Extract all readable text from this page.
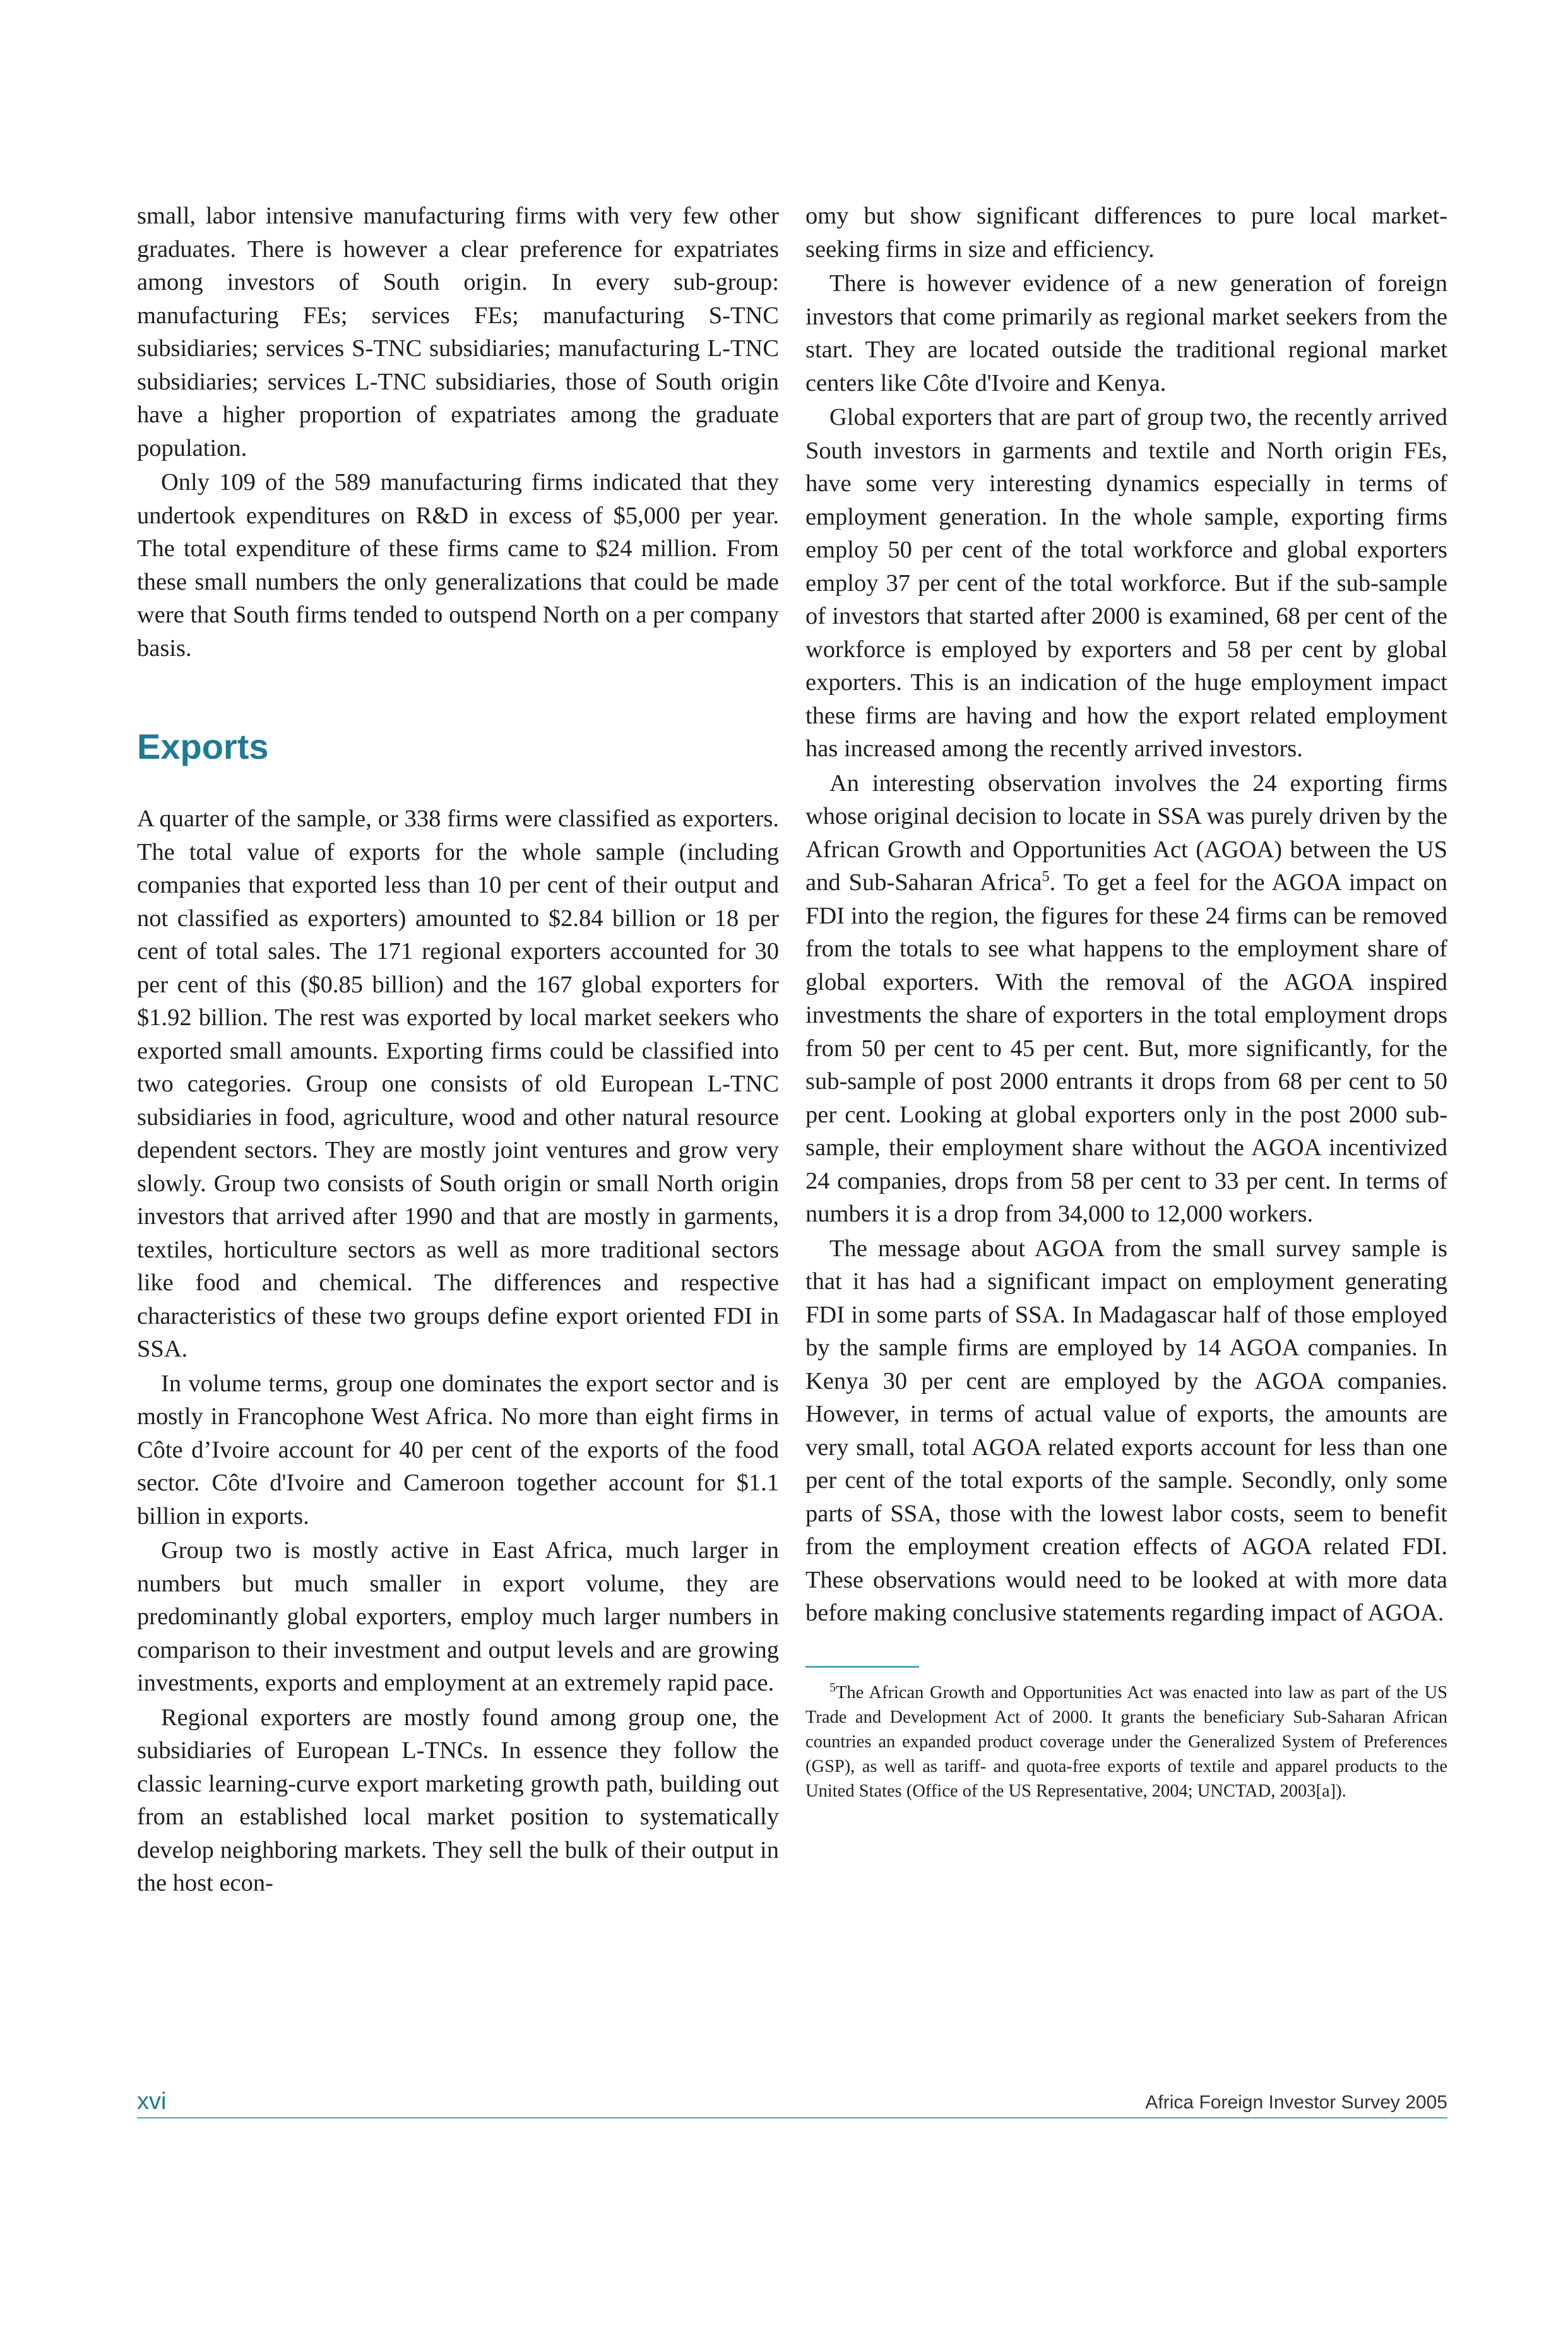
small, labor intensive manufacturing firms with very few other graduates. There is however a clear preference for expatriates among investors of South origin. In every sub-group: manufacturing FEs; services FEs; manufacturing S-TNC subsidiaries; services S-TNC subsidiaries; manufacturing L-TNC subsidiaries; services L-TNC subsidiaries, those of South origin have a higher proportion of expatriates among the graduate population.

Only 109 of the 589 manufacturing firms indicated that they undertook expenditures on R&D in excess of $5,000 per year. The total expenditure of these firms came to $24 million. From these small numbers the only generalizations that could be made were that South firms tended to outspend North on a per company basis.

Exports

A quarter of the sample, or 338 firms were classified as exporters. The total value of exports for the whole sample (including companies that exported less than 10 per cent of their output and not classified as exporters) amounted to $2.84 billion or 18 per cent of total sales. The 171 regional exporters accounted for 30 per cent of this ($0.85 billion) and the 167 global exporters for $1.92 billion. The rest was exported by local market seekers who exported small amounts. Exporting firms could be classified into two categories. Group one consists of old European L-TNC subsidiaries in food, agriculture, wood and other natural resource dependent sectors. They are mostly joint ventures and grow very slowly. Group two consists of South origin or small North origin investors that arrived after 1990 and that are mostly in garments, textiles, horticulture sectors as well as more traditional sectors like food and chemical. The differences and respective characteristics of these two groups define export oriented FDI in SSA.

In volume terms, group one dominates the export sector and is mostly in Francophone West Africa. No more than eight firms in Côte d’Ivoire account for 40 per cent of the exports of the food sector. Côte d'Ivoire and Cameroon together account for $1.1 billion in exports.

Group two is mostly active in East Africa, much larger in numbers but much smaller in export volume, they are predominantly global exporters, employ much larger numbers in comparison to their investment and output levels and are growing investments, exports and employment at an extremely rapid pace.

Regional exporters are mostly found among group one, the subsidiaries of European L-TNCs. In essence they follow the classic learning-curve export marketing growth path, building out from an established local market position to systematically develop neighboring markets. They sell the bulk of their output in the host econ-

omy but show significant differences to pure local market-seeking firms in size and efficiency.

There is however evidence of a new generation of foreign investors that come primarily as regional market seekers from the start. They are located outside the traditional regional market centers like Côte d'Ivoire and Kenya.

Global exporters that are part of group two, the recently arrived South investors in garments and textile and North origin FEs, have some very interesting dynamics especially in terms of employment generation. In the whole sample, exporting firms employ 50 per cent of the total workforce and global exporters employ 37 per cent of the total workforce. But if the sub-sample of investors that started after 2000 is examined, 68 per cent of the workforce is employed by exporters and 58 per cent by global exporters. This is an indication of the huge employment impact these firms are having and how the export related employment has increased among the recently arrived investors.

An interesting observation involves the 24 exporting firms whose original decision to locate in SSA was purely driven by the African Growth and Opportunities Act (AGOA) between the US and Sub-Saharan Africa$^5$. To get a feel for the AGOA impact on FDI into the region, the figures for these 24 firms can be removed from the totals to see what happens to the employment share of global exporters. With the removal of the AGOA inspired investments the share of exporters in the total employment drops from 50 per cent to 45 per cent. But, more significantly, for the sub-sample of post 2000 entrants it drops from 68 per cent to 50 per cent. Looking at global exporters only in the post 2000 sub-sample, their employment share without the AGOA incentivized 24 companies, drops from 58 per cent to 33 per cent. In terms of numbers it is a drop from 34,000 to 12,000 workers.

The message about AGOA from the small survey sample is that it has had a significant impact on employment generating FDI in some parts of SSA. In Madagascar half of those employed by the sample firms are employed by 14 AGOA companies. In Kenya 30 per cent are employed by the AGOA companies. However, in terms of actual value of exports, the amounts are very small, total AGOA related exports account for less than one per cent of the total exports of the sample. Secondly, only some parts of SSA, those with the lowest labor costs, seem to benefit from the employment creation effects of AGOA related FDI. These observations would need to be looked at with more data before making conclusive statements regarding impact of AGOA.

$^5$The African Growth and Opportunities Act was enacted into law as part of the US Trade and Development Act of 2000. It grants the beneficiary Sub-Saharan African countries an expanded product coverage under the Generalized System of Preferences (GSP), as well as tariff- and quota-free exports of textile and apparel products to the United States (Office of the US Representative, 2004; UNCTAD, 2003[a]).
xvi	Africa Foreign Investor Survey 2005
